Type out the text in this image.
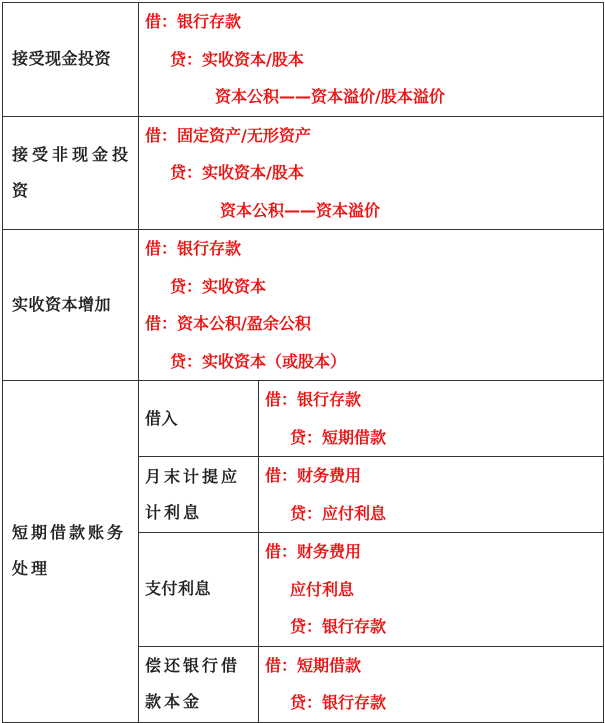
接受现金投资	借：银行存款
贷：实收资本/股本
资本公积——资本溢价/股本溢价	

接受非现金投资	借：固定资产/无形资产
贷：实收资本/股本
资本公积——资本溢价	

实收资本增加	借：银行存款
贷：实收资本
借：资本公积/盈余公积
贷：实收资本（或股本）	

短期借款账务处理	借入	借：银行存款
贷：短期借款

	月末计提应计利息	借：财务费用
贷：应付利息

	支付利息	借：财务费用
应付利息
贷：银行存款

	偿还银行借款本金	借：短期借款
贷：银行存款
